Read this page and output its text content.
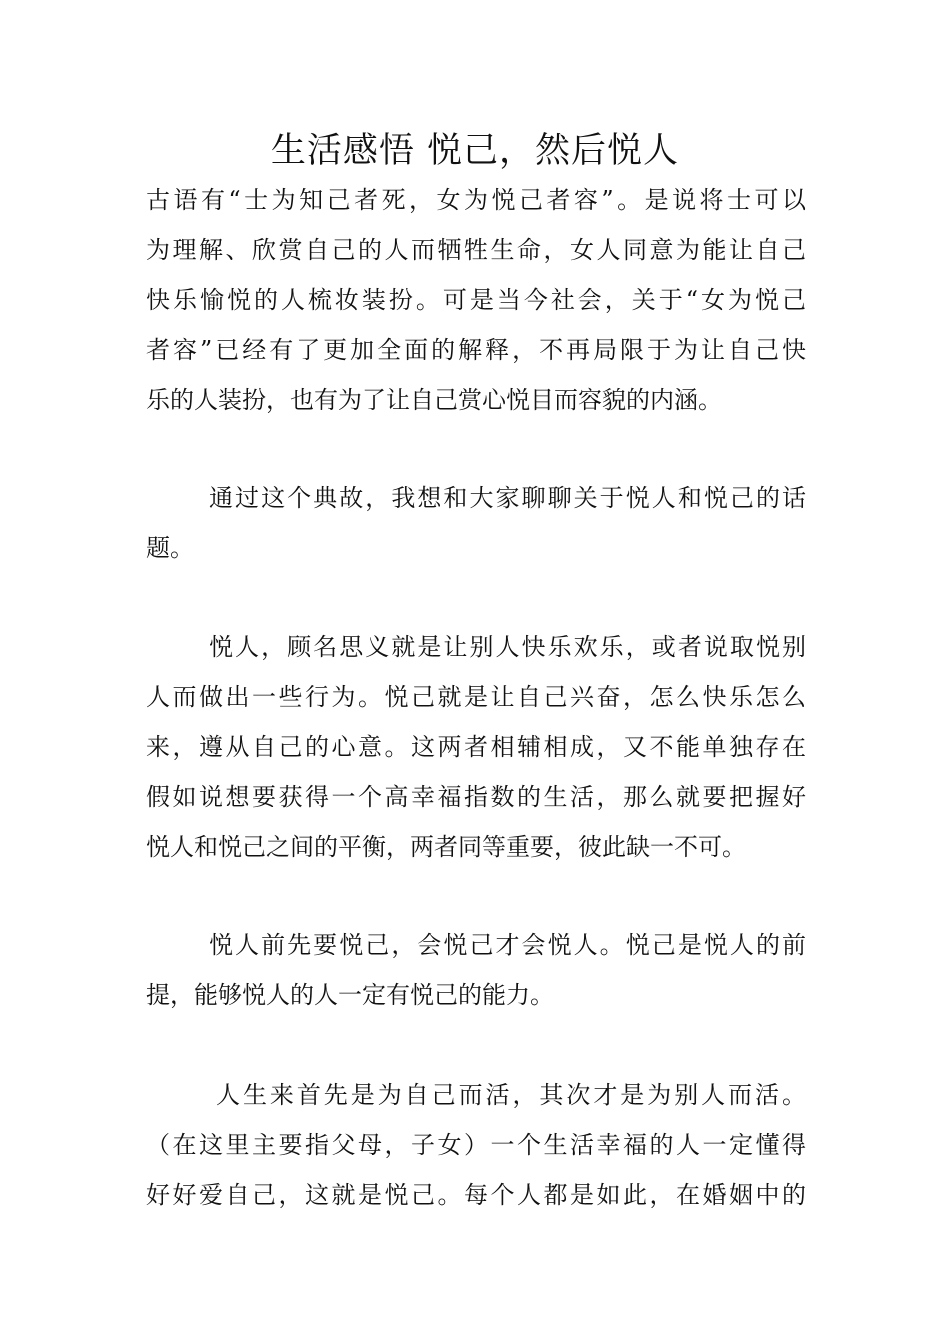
生活感悟 悦己，然后悦人

古语有“士为知己者死，女为悦己者容”。是说将士可以

为理解、欣赏自己的人而牺牲生命，女人同意为能让自己

快乐愉悦的人梳妆装扮。可是当今社会，关于“女为悦己

者容”已经有了更加全面的解释，不再局限于为让自己快

乐的人装扮，也有为了让自己赏心悦目而容貌的内涵。

通过这个典故，我想和大家聊聊关于悦人和悦己的话

题。

悦人，顾名思义就是让别人快乐欢乐，或者说取悦别

人而做出一些行为。悦己就是让自己兴奋，怎么快乐怎么

来，遵从自己的心意。这两者相辅相成，又不能单独存在

假如说想要获得一个高幸福指数的生活，那么就要把握好

悦人和悦己之间的平衡，两者同等重要，彼此缺一不可。

悦人前先要悦己，会悦己才会悦人。悦己是悦人的前

提，能够悦人的人一定有悦己的能力。

人生来首先是为自己而活，其次才是为别人而活。

（在这里主要指父母，子女）一个生活幸福的人一定懂得

好好爱自己，这就是悦己。每个人都是如此，在婚姻中的
